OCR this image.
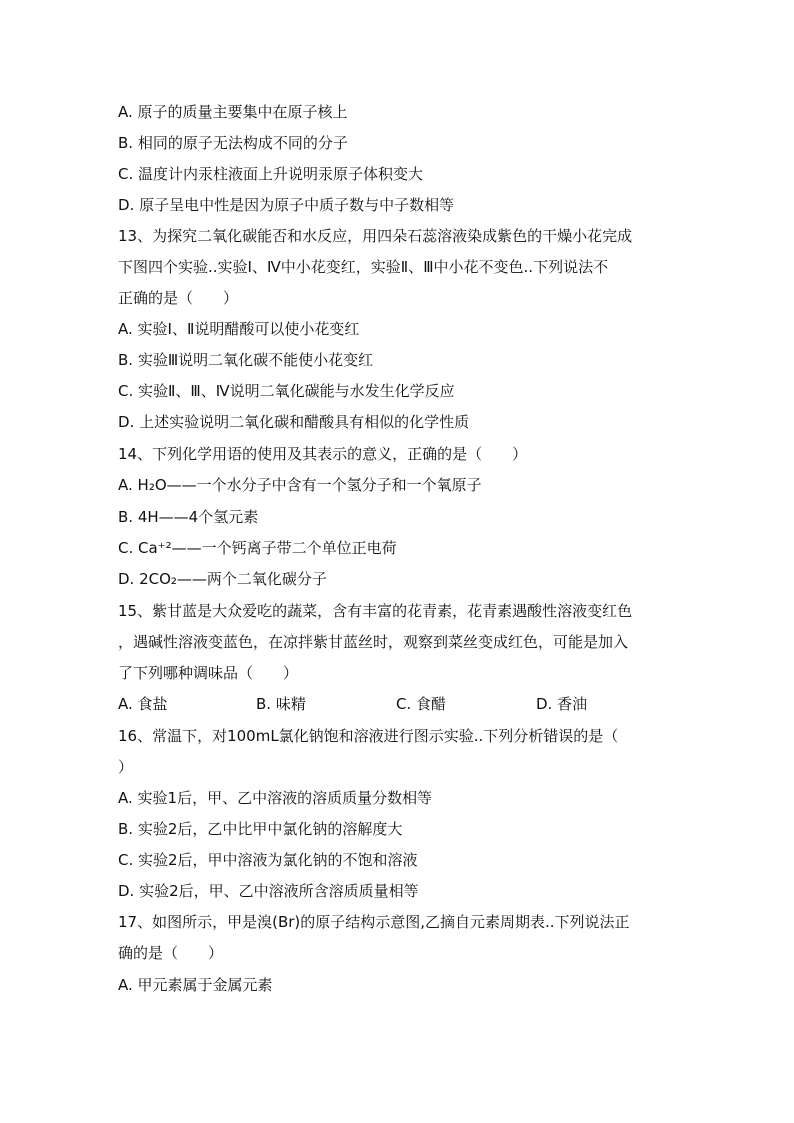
A. 原子的质量主要集中在原子核上
B. 相同的原子无法构成不同的分子
C. 温度计内汞柱液面上升说明汞原子体积变大
D. 原子呈电中性是因为原子中质子数与中子数相等
13、为探究二氧化碳能否和水反应，用四朵石蕊溶液染成紫色的干燥小花完成
下图四个实验..实验Ⅰ、Ⅳ中小花变红，实验Ⅱ、Ⅲ中小花不变色..下列说法不
正确的是（　　）
A. 实验Ⅰ、Ⅱ说明醋酸可以使小花变红
B. 实验Ⅲ说明二氧化碳不能使小花变红
C. 实验Ⅱ、Ⅲ、Ⅳ说明二氧化碳能与水发生化学反应
D. 上述实验说明二氧化碳和醋酸具有相似的化学性质
14、下列化学用语的使用及其表示的意义，正确的是（　　）
A. H₂O——一个水分子中含有一个氢分子和一个氧原子
B. 4H——4个氢元素
C. Ca⁺²——一个钙离子带二个单位正电荷
D. 2CO₂——两个二氧化碳分子
15、紫甘蓝是大众爱吃的蔬菜，含有丰富的花青素，花青素遇酸性溶液变红色
，遇碱性溶液变蓝色，在凉拌紫甘蓝丝时，观察到菜丝变成红色，可能是加入
了下列哪种调味品（　　）
A. 食盐	B. 味精	C. 食醋	D. 香油
16、常温下，对100mL氯化钠饱和溶液进行图示实验..下列分析错误的是（
）
A. 实验1后，甲、乙中溶液的溶质质量分数相等
B. 实验2后，乙中比甲中氯化钠的溶解度大
C. 实验2后，甲中溶液为氯化钠的不饱和溶液
D. 实验2后，甲、乙中溶液所含溶质质量相等
17、如图所示，甲是溴(Br)的原子结构示意图,乙摘自元素周期表..下列说法正
确的是（　　）
A. 甲元素属于金属元素
